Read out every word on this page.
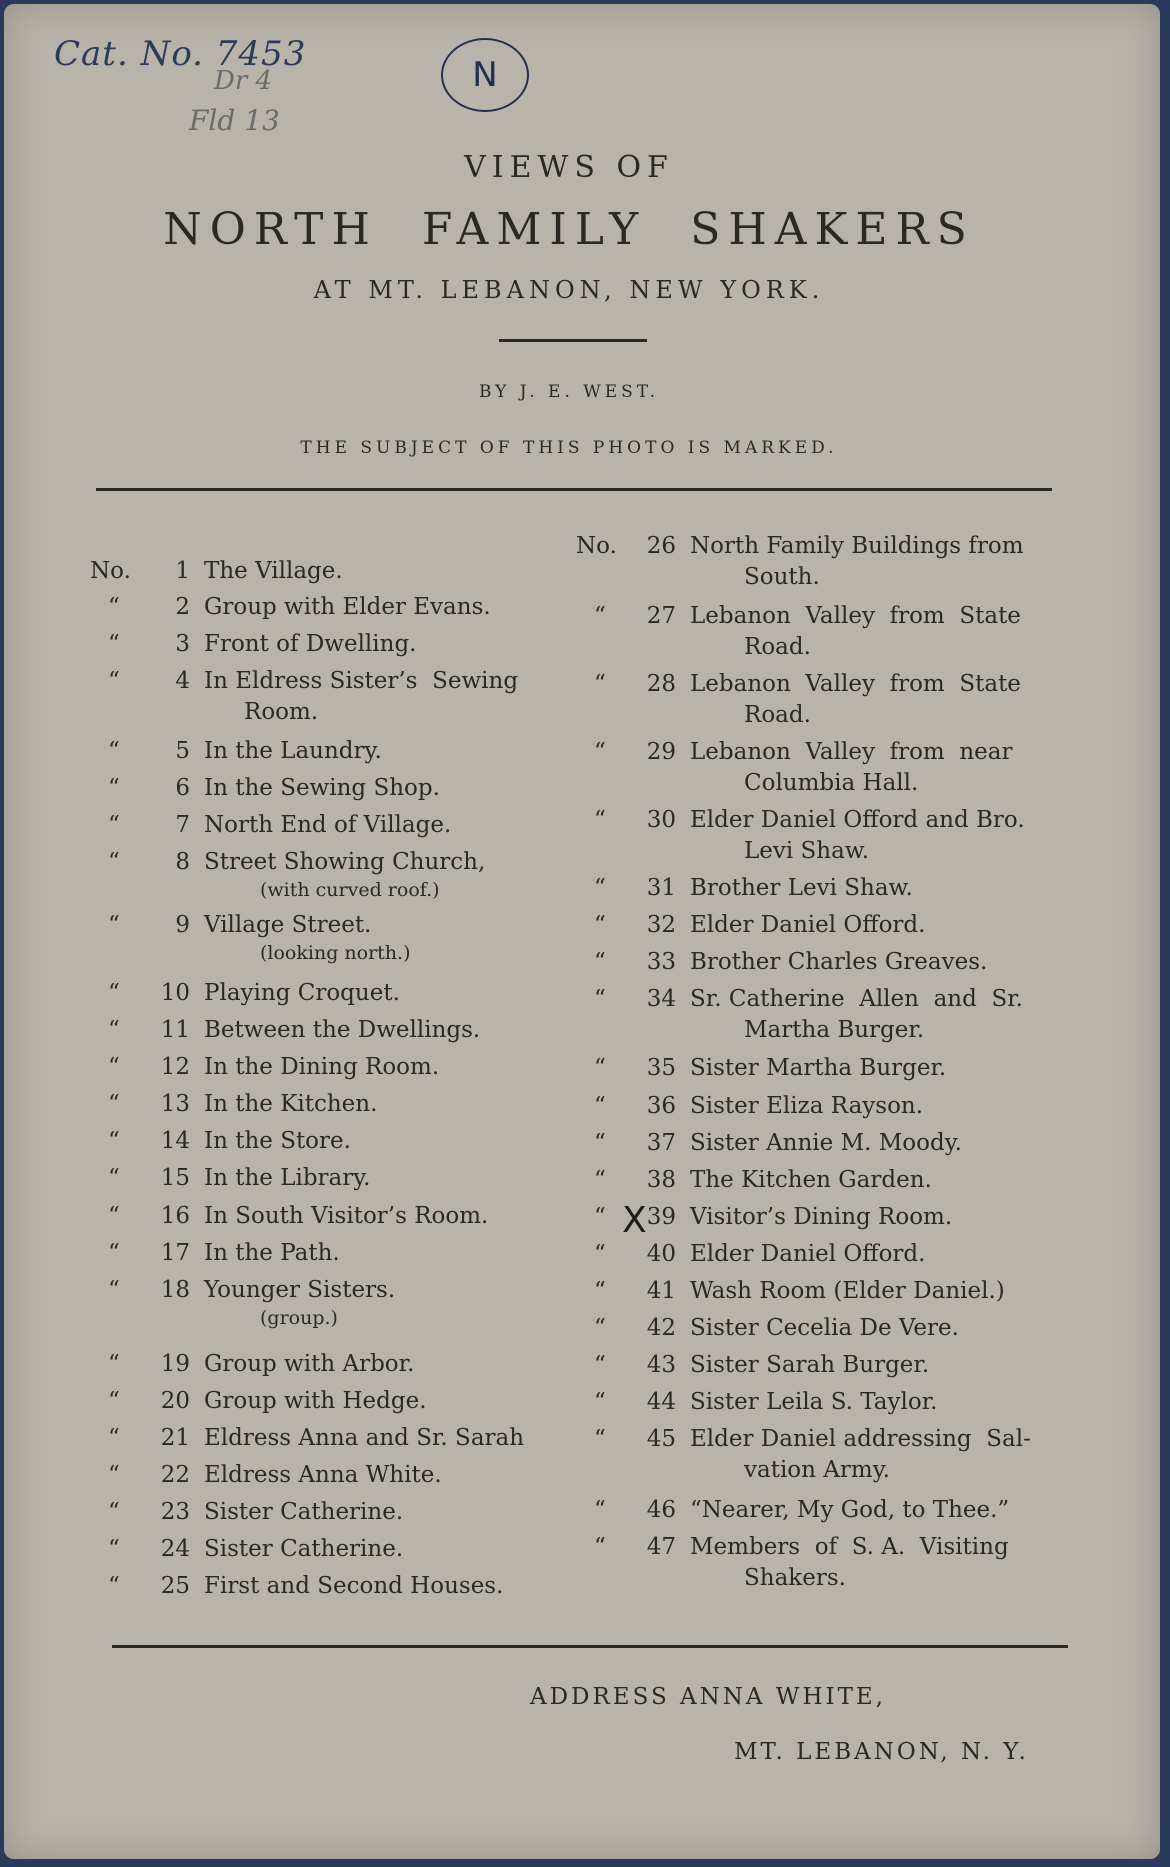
Cat. No. 7453
Dr 4
Fld 13
N
VIEWS OF
NORTH  FAMILY  SHAKERS
AT MT. LEBANON, NEW YORK.
BY J. E. WEST.
THE SUBJECT OF THIS PHOTO IS MARKED.
No.	1 The Village.
“	2 Group with Elder Evans.
“	3 Front of Dwelling.
“	4 In Eldress Sister’s  Sewing
Room.
“	5 In the Laundry.
“	6 In the Sewing Shop.
“	7 North End of Village.
“	8 Street Showing Church,
(with curved roof.)
“	9 Village Street.
(looking north.)
“	10 Playing Croquet.
“	11 Between the Dwellings.
“	12 In the Dining Room.
“	13 In the Kitchen.
“	14 In the Store.
“	15 In the Library.
“	16 In South Visitor’s Room.
“	17 In the Path.
“	18 Younger Sisters.
(group.)
“	19 Group with Arbor.
“	20 Group with Hedge.
“	21 Eldress Anna and Sr. Sarah
“	22 Eldress Anna White.
“	23 Sister Catherine.
“	24 Sister Catherine.
“	25 First and Second Houses.
No.	26 North Family Buildings from
South.
“	27 Lebanon  Valley  from  State
Road.
“	28 Lebanon  Valley  from  State
Road.
“	29 Lebanon  Valley  from  near
Columbia Hall.
“	30 Elder Daniel Offord and Bro.
Levi Shaw.
“	31 Brother Levi Shaw.
“	32 Elder Daniel Offord.
“	33 Brother Charles Greaves.
“	34 Sr. Catherine  Allen  and  Sr.
Martha Burger.
“	35 Sister Martha Burger.
“	36 Sister Eliza Rayson.
“	37 Sister Annie M. Moody.
“	38 The Kitchen Garden.
“	39 Visitor’s Dining Room.
“	40 Elder Daniel Offord.
“	41 Wash Room (Elder Daniel.)
“	42 Sister Cecelia De Vere.
“	43 Sister Sarah Burger.
“	44 Sister Leila S. Taylor.
“	45 Elder Daniel addressing  Sal-
vation Army.
“	46 “Nearer, My God, to Thee.”
“	47 Members  of  S. A.  Visiting
Shakers.
X
ADDRESS ANNA WHITE,
MT. LEBANON, N. Y.
